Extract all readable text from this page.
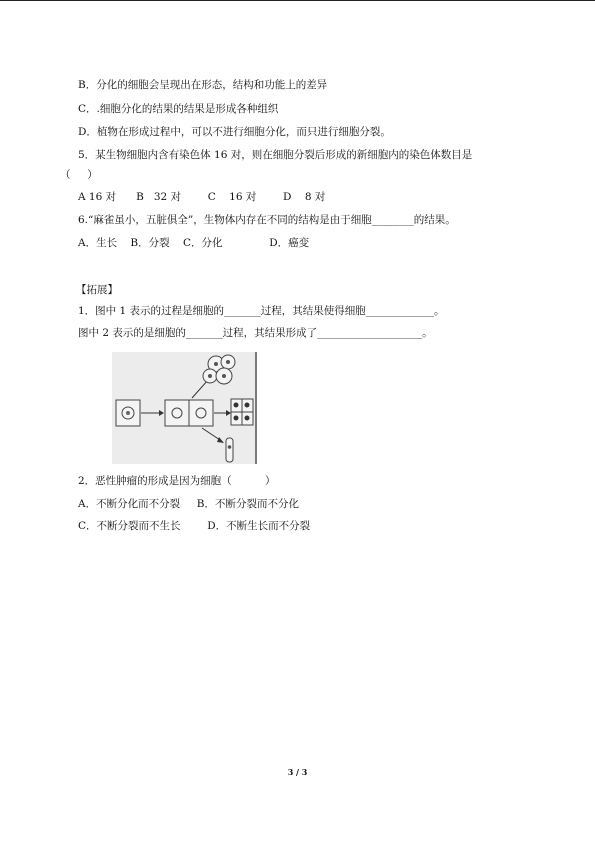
B．分化的细胞会呈现出在形态，结构和功能上的差异
C．.细胞分化的结果的结果是形成各种组织
D．植物在形成过程中，可以不进行细胞分化，而只进行细胞分裂。
5．某生物细胞内含有染色体 16 对，则在细胞分裂后形成的新细胞内的染色体数目是
（     ）
A 16 对      B   32 对        C    16 对        D    8 对
6.“麻雀虽小，五脏俱全”，生物体内存在不同的结构是由于细胞________的结果。
A．生长    B．分裂    C．分化              D．癌变
【拓展】
1．图中 1 表示的过程是细胞的_______过程，其结果使得细胞_____________。
图中 2 表示的是细胞的_______过程，其结果形成了____________________。
2．恶性肿瘤的形成是因为细胞（          ）
A．不断分化而不分裂     B．不断分裂而不分化
C．不断分裂而不生长        D．不断生长而不分裂
3 / 3
